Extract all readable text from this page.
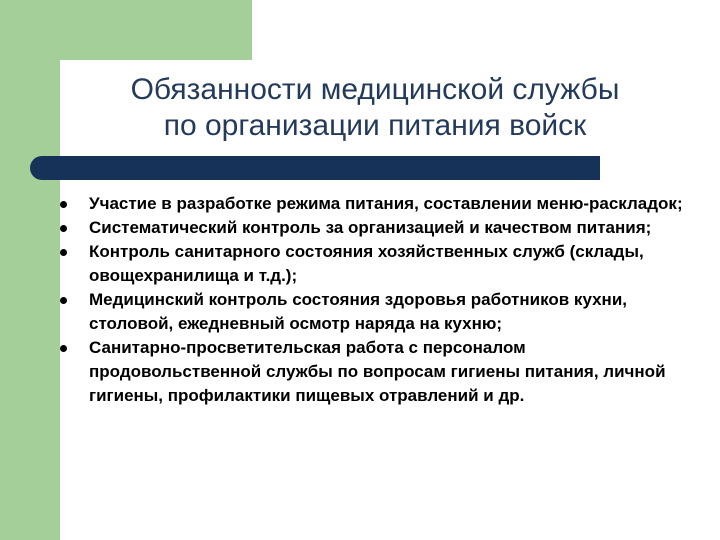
Обязанности медицинской службы
по организации питания войск
Участие в разработке режима питания, составлении меню-раскладок;
Систематический контроль за организацией и качеством питания;
Контроль санитарного состояния хозяйственных служб (склады, овощехранилища и т.д.);
Медицинский контроль состояния здоровья работников кухни, столовой, ежедневный осмотр наряда на кухню;
Санитарно-просветительская работа с персоналом продовольственной службы по вопросам гигиены питания, личной гигиены, профилактики пищевых отравлений и др.
